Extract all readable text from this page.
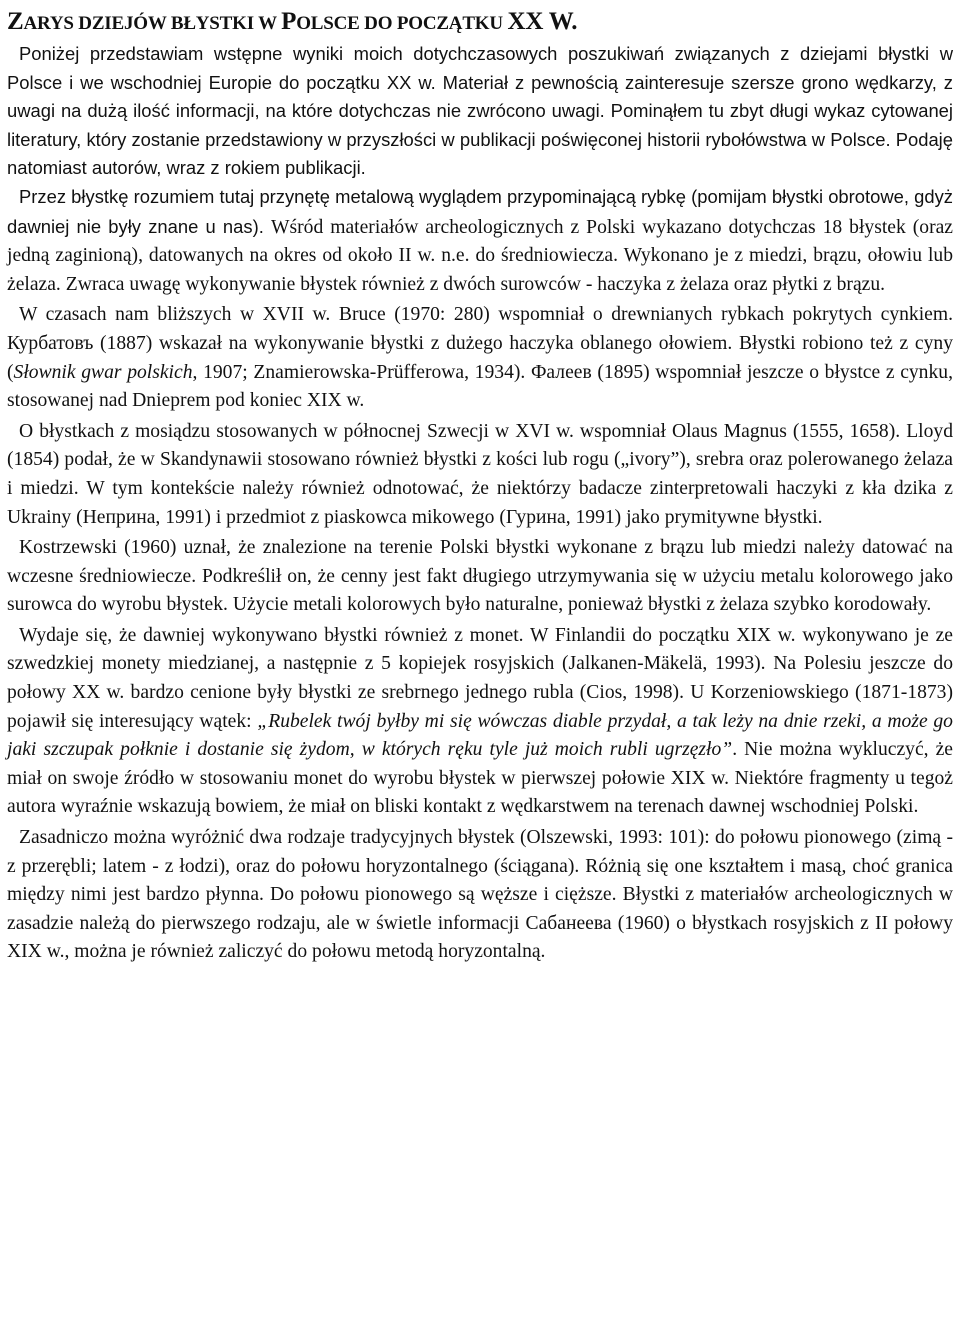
ZARYS DZIEJÓW BŁYSTKI W POLSCE DO POCZĄTKU XX W.

Poniżej przedstawiam wstępne wyniki moich dotychczasowych poszukiwań związanych z dziejami błystki w Polsce i we wschodniej Europie do początku XX w. Materiał z pewnością zainteresuje szersze grono wędkarzy, z uwagi na dużą ilość informacji, na które dotychczas nie zwrócono uwagi. Pominąłem tu zbyt długi wykaz cytowanej literatury, który zostanie przedstawiony w przyszłości w publikacji poświęconej historii rybołówstwa w Polsce. Podaję natomiast autorów, wraz z rokiem publikacji.

Przez błystkę rozumiem tutaj przynętę metalową wyglądem przypominającą rybkę (pomijam błystki obrotowe, gdyż dawniej nie były znane u nas). Wśród materiałów archeologicznych z Polski wykazano dotychczas 18 błystek (oraz jedną zaginioną), datowanych na okres od około II w. n.e. do średniowiecza. Wykonano je z miedzi, brązu, ołowiu lub żelaza. Zwraca uwagę wykonywanie błystek również z dwóch surowców - haczyka z żelaza oraz płytki z brązu.

W czasach nam bliższych w XVII w. Bruce (1970: 280) wspomniał o drewnianych rybkach pokrytych cynkiem. Курбатовъ (1887) wskazał na wykonywanie błystki z dużego haczyka oblanego ołowiem. Błystki robiono też z cyny (Słownik gwar polskich, 1907; Znamierowska-Prüfferowa, 1934). Фалеев (1895) wspomniał jeszcze o błystce z cynku, stosowanej nad Dnieprem pod koniec XIX w.

O błystkach z mosiądzu stosowanych w północnej Szwecji w XVI w. wspomniał Olaus Magnus (1555, 1658). Lloyd (1854) podał, że w Skandynawii stosowano również błystki z kości lub rogu („ivory”), srebra oraz polerowanego żelaza i miedzi. W tym kontekście należy również odnotować, że niektórzy badacze zinterpretowali haczyki z kła dzika z Ukrainy (Неприна, 1991) i przedmiot z piaskowca mikowego (Гурина, 1991) jako prymitywne błystki.

Kostrzewski (1960) uznał, że znalezione na terenie Polski błystki wykonane z brązu lub miedzi należy datować na wczesne średniowiecze. Podkreślił on, że cenny jest fakt długiego utrzymywania się w użyciu metalu kolorowego jako surowca do wyrobu błystek. Użycie metali kolorowych było naturalne, ponieważ błystki z żelaza szybko korodowały.

Wydaje się, że dawniej wykonywano błystki również z monet. W Finlandii do początku XIX w. wykonywano je ze szwedzkiej monety miedzianej, a następnie z 5 kopiejek rosyjskich (Jalkanen-Mäkelä, 1993). Na Polesiu jeszcze do połowy XX w. bardzo cenione były błystki ze srebrnego jednego rubla (Cios, 1998). U Korzeniowskiego (1871-1873) pojawił się interesujący wątek: „Rubelek twój byłby mi się wówczas diable przydał, a tak leży na dnie rzeki, a może go jaki szczupak połknie i dostanie się żydom, w których ręku tyle już moich rubli ugrzęzło”. Nie można wykluczyć, że miał on swoje źródło w stosowaniu monet do wyrobu błystek w pierwszej połowie XIX w. Niektóre fragmenty u tegoż autora wyraźnie wskazują bowiem, że miał on bliski kontakt z wędkarstwem na terenach dawnej wschodniej Polski.

Zasadniczo można wyróżnić dwa rodzaje tradycyjnych błystek (Olszewski, 1993: 101): do połowu pionowego (zimą - z przerębli; latem - z łodzi), oraz do połowu horyzontalnego (ściągana). Różnią się one kształtem i masą, choć granica między nimi jest bardzo płynna. Do połowu pionowego są węższe i cięższe. Błystki z materiałów archeologicznych w zasadzie należą do pierwszego rodzaju, ale w świetle informacji Сабанеева (1960) o błystkach rosyjskich z II połowy XIX w., można je również zaliczyć do połowu metodą horyzontalną.
